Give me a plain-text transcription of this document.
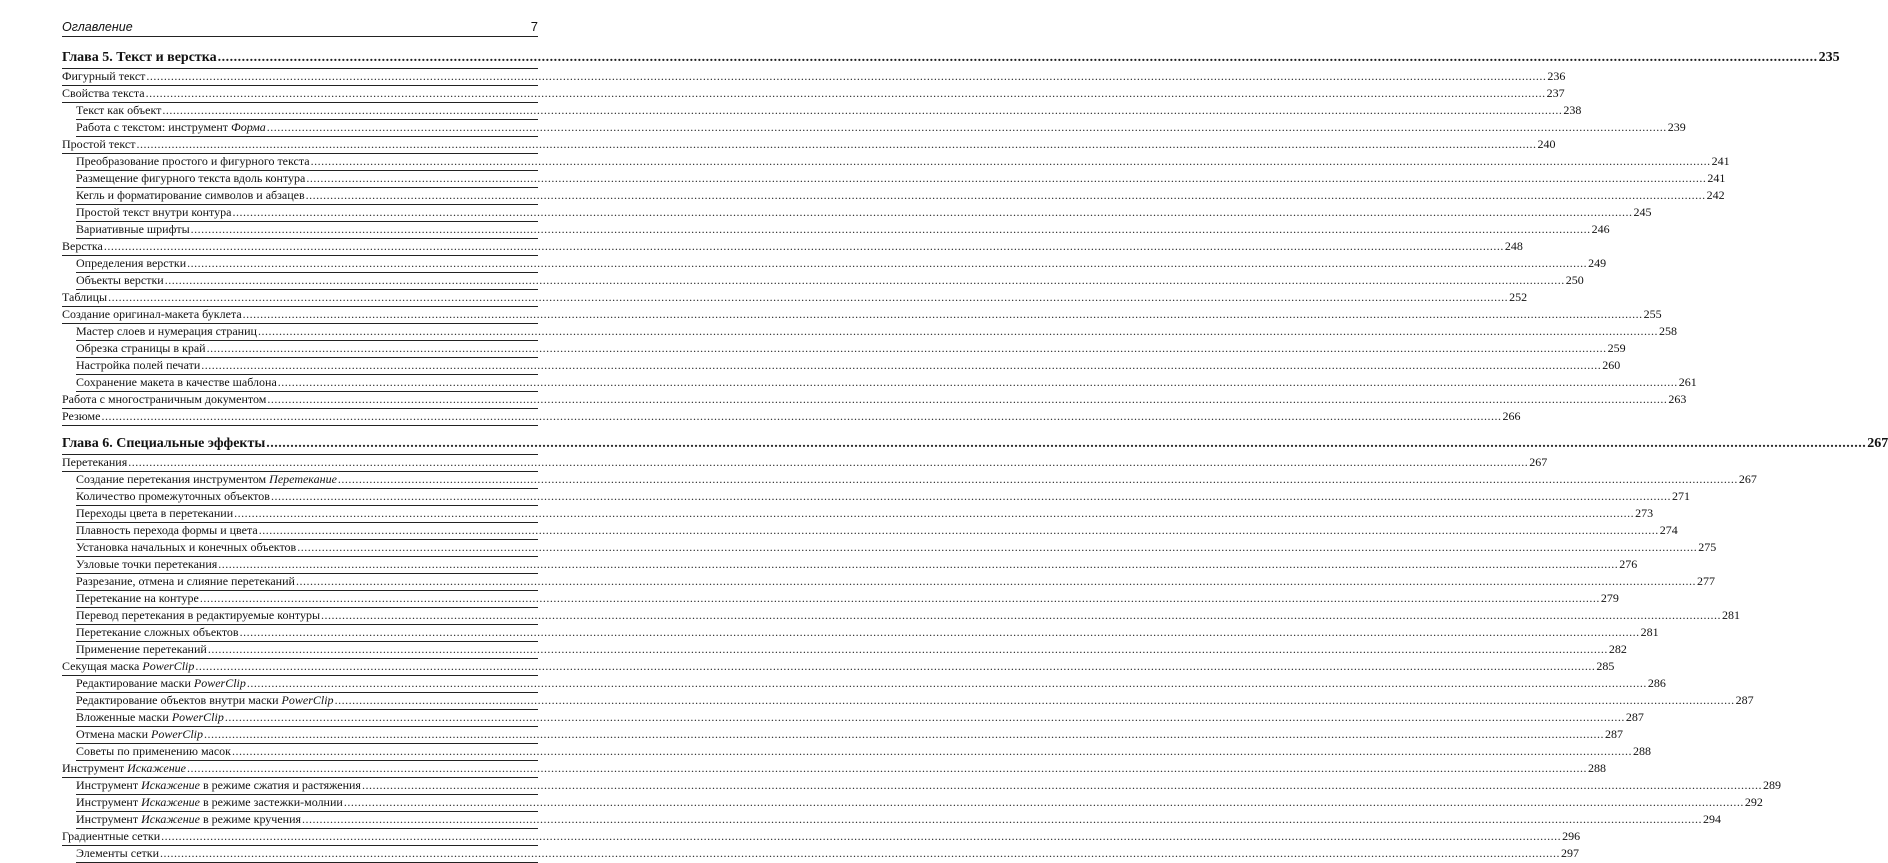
Оглавление	7
Глава 5. Текст и верстка ................................................................................................................................................................................................................................................................................................................................................................................................................ 235
Фигурный текст ................................................................................................................................................................................................................................................................................................................................................................................................................ 236
Свойства текста ................................................................................................................................................................................................................................................................................................................................................................................................................ 237
Текст как объект ................................................................................................................................................................................................................................................................................................................................................................................................................ 238
Работа с текстом: инструмент Форма ................................................................................................................................................................................................................................................................................................................................................................................................................ 239
Простой текст ................................................................................................................................................................................................................................................................................................................................................................................................................ 240
Преобразование простого и фигурного текста ................................................................................................................................................................................................................................................................................................................................................................................................................ 241
Размещение фигурного текста вдоль контура ................................................................................................................................................................................................................................................................................................................................................................................................................ 241
Кегль и форматирование символов и абзацев ................................................................................................................................................................................................................................................................................................................................................................................................................ 242
Простой текст внутри контура ................................................................................................................................................................................................................................................................................................................................................................................................................ 245
Вариативные шрифты ................................................................................................................................................................................................................................................................................................................................................................................................................ 246
Верстка ................................................................................................................................................................................................................................................................................................................................................................................................................ 248
Определения верстки ................................................................................................................................................................................................................................................................................................................................................................................................................ 249
Объекты верстки ................................................................................................................................................................................................................................................................................................................................................................................................................ 250
Таблицы ................................................................................................................................................................................................................................................................................................................................................................................................................ 252
Создание оригинал-макета буклета ................................................................................................................................................................................................................................................................................................................................................................................................................ 255
Мастер слоев и нумерация страниц ................................................................................................................................................................................................................................................................................................................................................................................................................ 258
Обрезка страницы в край ................................................................................................................................................................................................................................................................................................................................................................................................................ 259
Настройка полей печати ................................................................................................................................................................................................................................................................................................................................................................................................................ 260
Сохранение макета в качестве шаблона ................................................................................................................................................................................................................................................................................................................................................................................................................ 261
Работа с многостраничным документом ................................................................................................................................................................................................................................................................................................................................................................................................................ 263
Резюме ................................................................................................................................................................................................................................................................................................................................................................................................................ 266
Глава 6. Специальные эффекты ................................................................................................................................................................................................................................................................................................................................................................................................................ 267
Перетекания ................................................................................................................................................................................................................................................................................................................................................................................................................ 267
Создание перетекания инструментом Перетекание ................................................................................................................................................................................................................................................................................................................................................................................................................ 267
Количество промежуточных объектов ................................................................................................................................................................................................................................................................................................................................................................................................................ 271
Переходы цвета в перетекании ................................................................................................................................................................................................................................................................................................................................................................................................................ 273
Плавность перехода формы и цвета ................................................................................................................................................................................................................................................................................................................................................................................................................ 274
Установка начальных и конечных объектов ................................................................................................................................................................................................................................................................................................................................................................................................................ 275
Узловые точки перетекания ................................................................................................................................................................................................................................................................................................................................................................................................................ 276
Разрезание, отмена и слияние перетеканий ................................................................................................................................................................................................................................................................................................................................................................................................................ 277
Перетекание на контуре ................................................................................................................................................................................................................................................................................................................................................................................................................ 279
Перевод перетекания в редактируемые контуры ................................................................................................................................................................................................................................................................................................................................................................................................................ 281
Перетекание сложных объектов ................................................................................................................................................................................................................................................................................................................................................................................................................ 281
Применение перетеканий ................................................................................................................................................................................................................................................................................................................................................................................................................ 282
Секущая маска PowerClip ................................................................................................................................................................................................................................................................................................................................................................................................................ 285
Редактирование маски PowerClip ................................................................................................................................................................................................................................................................................................................................................................................................................ 286
Редактирование объектов внутри маски PowerClip ................................................................................................................................................................................................................................................................................................................................................................................................................ 287
Вложенные маски PowerClip ................................................................................................................................................................................................................................................................................................................................................................................................................ 287
Отмена маски PowerClip ................................................................................................................................................................................................................................................................................................................................................................................................................ 287
Советы по применению масок ................................................................................................................................................................................................................................................................................................................................................................................................................ 288
Инструмент Искажение ................................................................................................................................................................................................................................................................................................................................................................................................................ 288
Инструмент Искажение в режиме сжатия и растяжения ................................................................................................................................................................................................................................................................................................................................................................................................................ 289
Инструмент Искажение в режиме застежки-молнии ................................................................................................................................................................................................................................................................................................................................................................................................................ 292
Инструмент Искажение в режиме кручения ................................................................................................................................................................................................................................................................................................................................................................................................................ 294
Градиентные сетки ................................................................................................................................................................................................................................................................................................................................................................................................................ 296
Элементы сетки ................................................................................................................................................................................................................................................................................................................................................................................................................ 297
